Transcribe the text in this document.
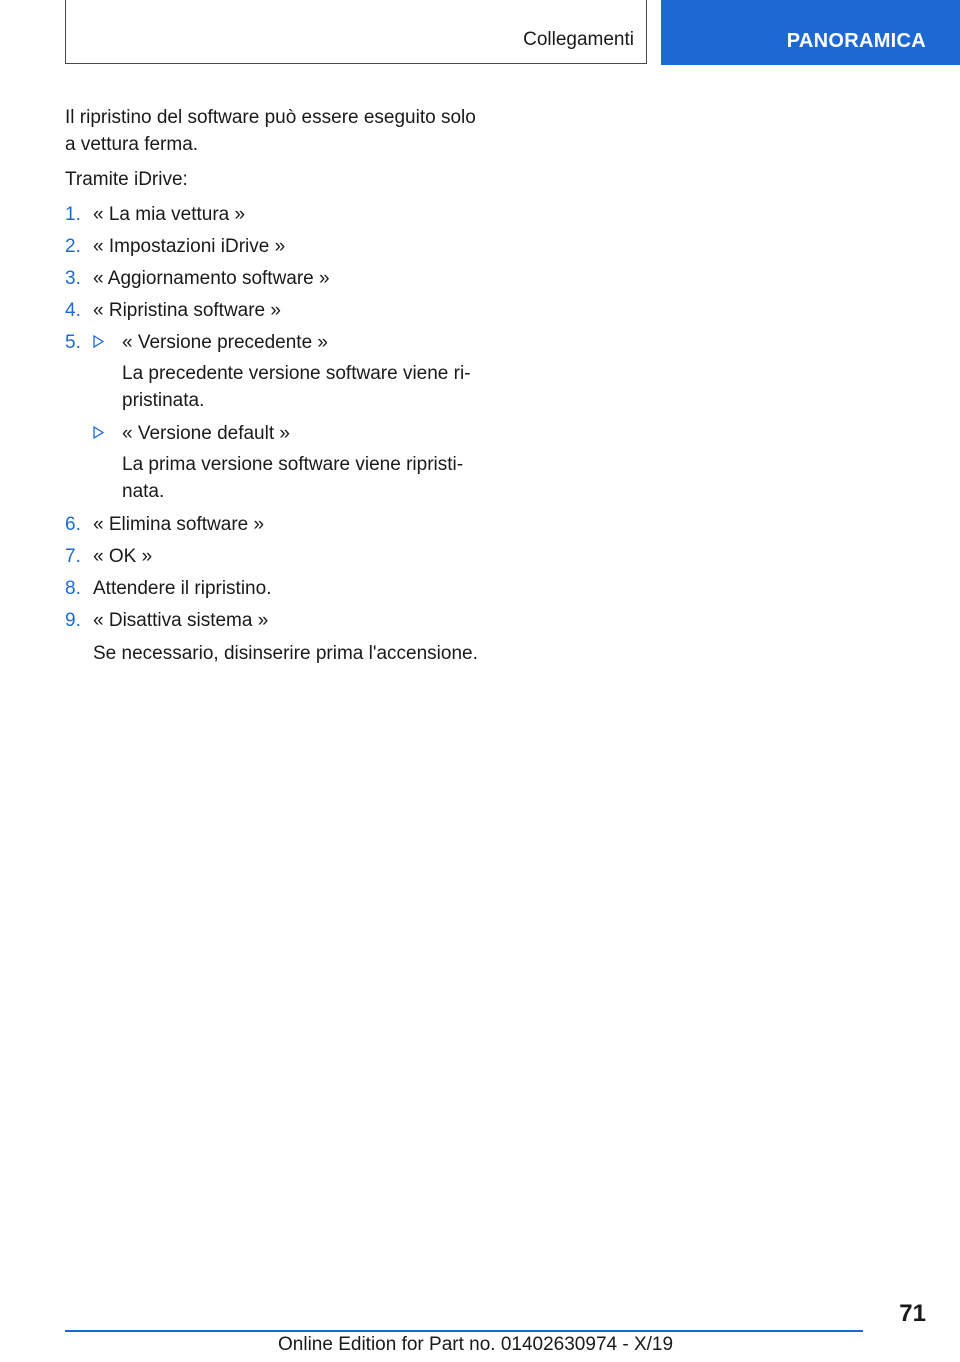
Collegamenti	PANORAMICA

Il ripristino del software può essere eseguito solo a vettura ferma.

Tramite iDrive:

1. « La mia vettura »
2. « Impostazioni iDrive »
3. « Aggiornamento software »
4. « Ripristina software »
5. « Versione precedente »
La precedente versione software viene ri-pristinata.
« Versione default »
La prima versione software viene ripristi-nata.
6. « Elimina software »
7. « OK »
8. Attendere il ripristino.
9. « Disattiva sistema »
Se necessario, disinserire prima l'accensione.
71
Online Edition for Part no. 01402630974 - X/19
